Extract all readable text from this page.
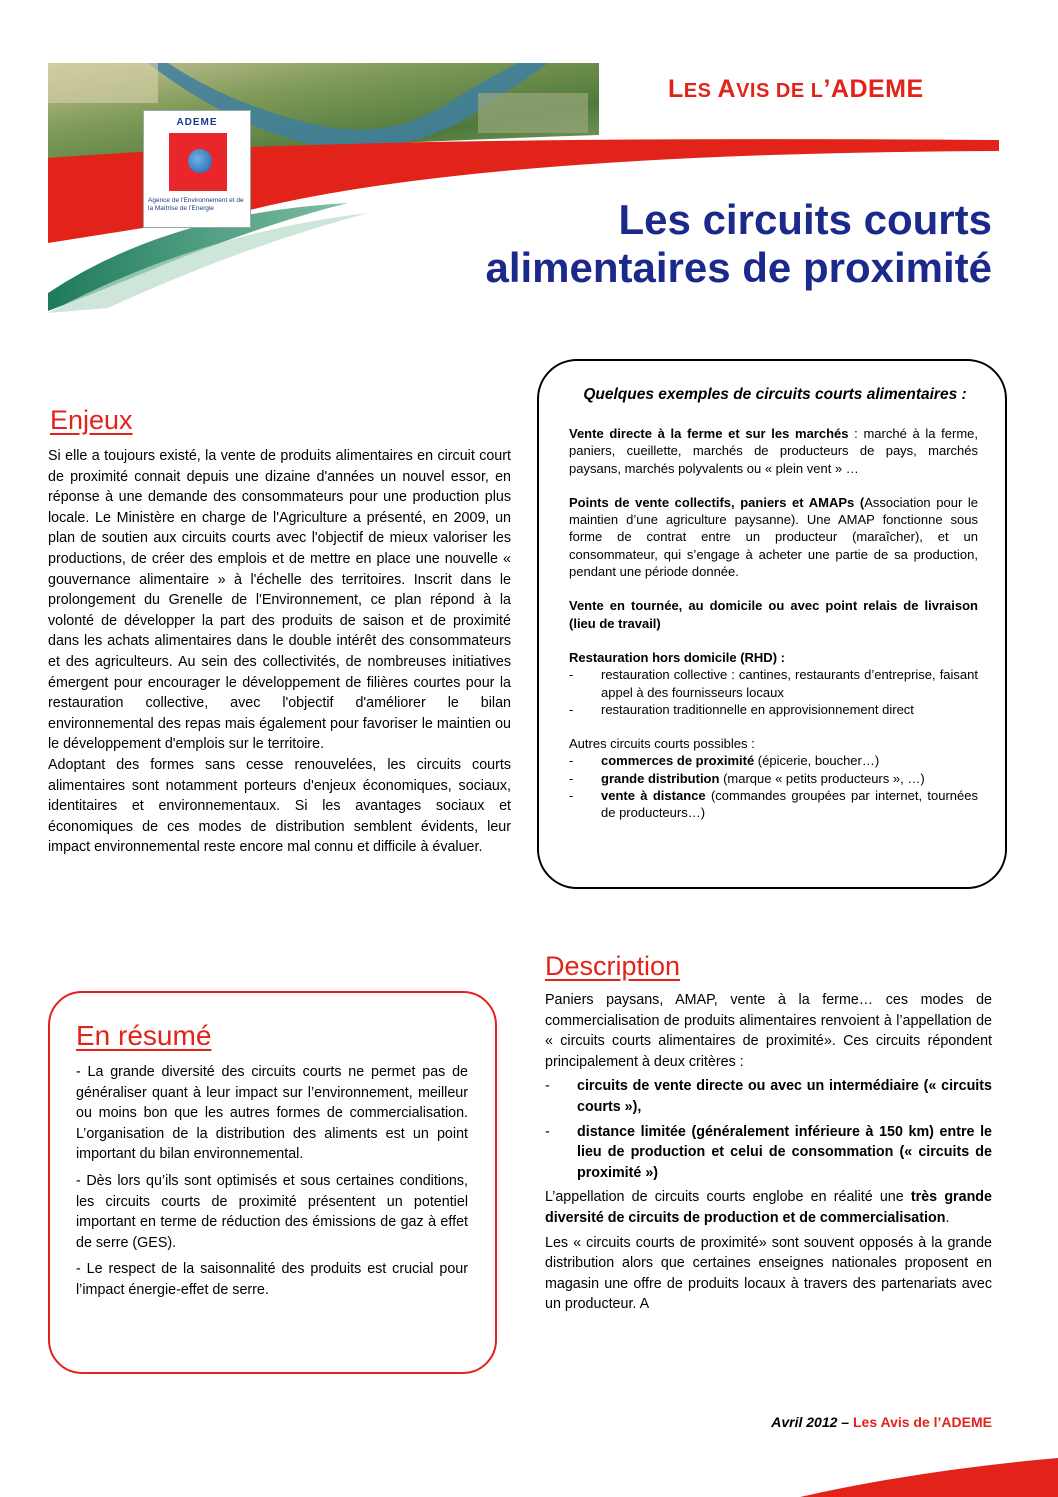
ADEME
Agence de l'Environnement et de la Maîtrise de l'Energie
LES AVIS DE L’ADEME
Les circuits courts
alimentaires de proximité
Enjeux

Si elle a toujours existé, la vente de produits alimentaires en circuit court de proximité connait depuis une dizaine d'années un nouvel essor, en réponse à une demande des consommateurs pour une production plus locale. Le Ministère en charge de l'Agriculture a présenté, en 2009, un plan de soutien aux circuits courts avec l'objectif de mieux valoriser les productions, de créer des emplois et de mettre en place une nouvelle « gouvernance alimentaire » à l'échelle des territoires. Inscrit dans le prolongement du Grenelle de l'Environnement, ce plan répond à la volonté de développer la part des produits de saison et de proximité dans les achats alimentaires dans le double intérêt des consommateurs et des agriculteurs. Au sein des collectivités, de nombreuses initiatives émergent pour encourager le développement de filières courtes pour la restauration collective, avec l'objectif d'améliorer le bilan environnemental des repas mais également pour favoriser le maintien ou le développement d'emplois sur le territoire.

Adoptant des formes sans cesse renouvelées, les circuits courts alimentaires sont notamment porteurs d'enjeux économiques, sociaux, identitaires et environnementaux. Si les avantages sociaux et économiques de ces modes de distribution semblent évidents, leur impact environnemental reste encore mal connu et difficile à évaluer.

En résumé

- La grande diversité des circuits courts ne permet pas de généraliser quant à leur impact sur l’environnement, meilleur ou moins bon que les autres formes de commercialisation. L’organisation de la distribution des aliments est un point important du bilan environnemental.

- Dès lors qu’ils sont optimisés et sous certaines conditions, les circuits courts de proximité présentent un potentiel important en terme de réduction des émissions de gaz à effet de serre (GES).

- Le respect de la saisonnalité des produits est crucial pour l’impact énergie-effet de serre.

Quelques exemples de circuits courts alimentaires :

Vente directe à la ferme et sur les marchés : marché à la ferme, paniers, cueillette, marchés de producteurs de pays, marchés paysans, marchés polyvalents ou « plein vent » …

Points de vente collectifs, paniers et AMAPs (Association pour le maintien d’une agriculture paysanne). Une AMAP fonctionne sous forme de contrat entre un producteur (maraîcher), et un consommateur, qui s’engage à acheter une partie de sa production, pendant une période donnée.

Vente en tournée, au domicile ou avec point relais de livraison (lieu de travail)

Restauration hors domicile (RHD) :

-	restauration collective : cantines, restaurants d’entreprise, faisant appel à des fournisseurs locaux
-	restauration traditionnelle en approvisionnement direct

Autres circuits courts possibles :

-	commerces de proximité (épicerie, boucher…)
-	grande distribution (marque « petits producteurs », …)
-	vente à distance (commandes groupées par internet, tournées de producteurs…)
Description

Paniers paysans, AMAP, vente à la ferme… ces modes de commercialisation de produits alimentaires renvoient à l’appellation de « circuits courts alimentaires de proximité». Ces circuits répondent principalement à deux critères :

-	circuits de vente directe ou avec un intermédiaire (« circuits courts »),
-	distance limitée (généralement inférieure à 150 km) entre le lieu de production et celui de consommation (« circuits de proximité »)

L’appellation de circuits courts englobe en réalité une très grande diversité de circuits de production et de commercialisation.

Les « circuits courts de proximité» sont souvent opposés à la grande distribution alors que certaines enseignes nationales proposent en magasin une offre de produits locaux à travers des partenariats avec un producteur. A

Avril 2012 – Les Avis de l’ADEME
